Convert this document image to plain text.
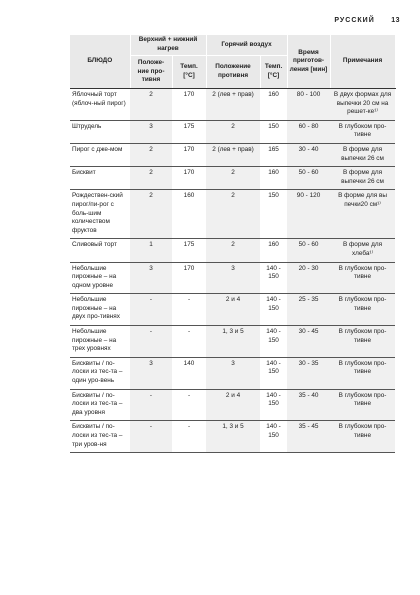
РУССКИЙ 13
БЛЮДО	Верхний + нижний нагрев		Горячий воздух		Время приготов-ления [мин]	Примечания
	Положе-ние про-тивня	Темп. [°C]	Положение противня	Темп. [°C]		
Яблочный торт (яблоч-ный пирог)	2	170	2 (лев + прав)	160	80 - 100	В двух формах для выпечки 20 см на решет-ке¹⁾
Штрудель	3	175	2	150	60 - 80	В глубоком про-тивне
Пирог с дже-мом	2	170	2 (лев + прав)	165	30 - 40	В форме для выпечки 26 см
Бисквит	2	170	2	160	50 - 60	В форме для выпечки 26 см
Рождествен-ский пирог/пи-рог с боль-шим количеством фруктов	2	160	2	150	90 - 120	В форме для вы печки20 см¹⁾
Сливовый торт	1	175	2	160	50 - 60	В форме для хлеба¹⁾
Небольшие пирожные – на одном уровне	3	170	3	140 - 150	20 - 30	В глубоком про-тивне
Небольшие пирожные – на двух про-тивнях	-	-	2 и 4	140 - 150	25 - 35	В глубоком про-тивне
Небольшие пирожные – на трех уровнях	-	-	1, 3 и 5	140 - 150	30 - 45	В глубоком про-тивне
Бисквиты / по-лоски из тес-та – один уро-вень	3	140	3	140 - 150	30 - 35	В глубоком про-тивне
Бисквиты / по-лоски из тес-та – два уровня	-	-	2 и 4	140 - 150	35 - 40	В глубоком про-тивне
Бисквиты / по-лоски из тес-та – три уров-ня	-	-	1, 3 и 5	140 - 150	35 - 45	В глубоком про-тивне
